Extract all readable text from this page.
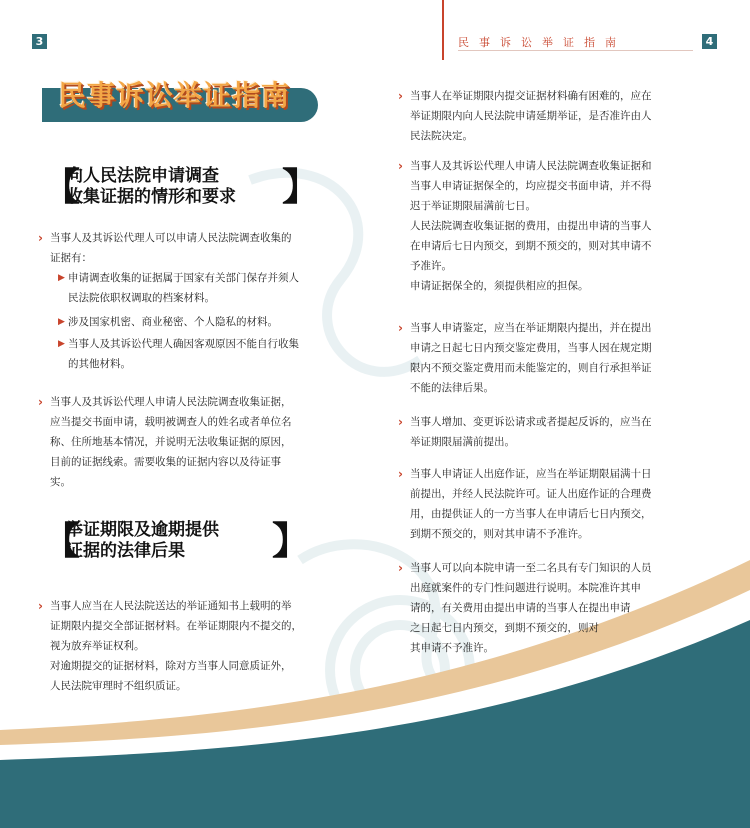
3	4
民 事 诉 讼 举 证 指 南
民事诉讼举证指南
【
向人民法院申请调查
收集证据的情形和要求	】
› 当事人及其诉讼代理人可以申请人民法院调查收集的

证据有：

▶ 申请调查收集的证据属于国家有关部门保存并须人

民法院依职权调取的档案材料。

▶ 涉及国家机密、商业秘密、个人隐私的材料。

▶ 当事人及其诉讼代理人确因客观原因不能自行收集

的其他材料。

› 当事人及其诉讼代理人申请人民法院调查收集证据，

应当提交书面申请，载明被调查人的姓名或者单位名

称、住所地基本情况，并说明无法收集证据的原因，

目前的证据线索。需要收集的证据内容以及待证事

实。

【
举证期限及逾期提供
证据的法律后果	】
› 当事人应当在人民法院送达的举证通知书上载明的举

证期限内提交全部证据材料。在举证期限内不提交的，

视为放弃举证权利。

对逾期提交的证据材料，除对方当事人同意质证外，

人民法院审理时不组织质证。

› 当事人在举证期限内提交证据材料确有困难的，应在

举证期限内向人民法院申请延期举证，是否准许由人

民法院决定。

› 当事人及其诉讼代理人申请人民法院调查收集证据和

当事人申请证据保全的，均应提交书面申请，并不得

迟于举证期限届满前七日。

人民法院调查收集证据的费用，由提出申请的当事人

在申请后七日内预交，到期不预交的，则对其申请不

予准许。

申请证据保全的，须提供相应的担保。

› 当事人申请鉴定，应当在举证期限内提出，并在提出

申请之日起七日内预交鉴定费用，当事人因在规定期

限内不预交鉴定费用而未能鉴定的，则自行承担举证

不能的法律后果。

› 当事人增加、变更诉讼请求或者提起反诉的，应当在

举证期限届满前提出。

› 当事人申请证人出庭作证，应当在举证期限届满十日

前提出，并经人民法院许可。证人出庭作证的合理费

用，由提供证人的一方当事人在申请后七日内预交，

到期不预交的，则对其申请不予准许。

› 当事人可以向本院申请一至二名具有专门知识的人员

出庭就案件的专门性问题进行说明。本院准许其申

请的，有关费用由提出申请的当事人在提出申请

之日起七日内预交，到期不预交的，则对

其申请不予准许。
